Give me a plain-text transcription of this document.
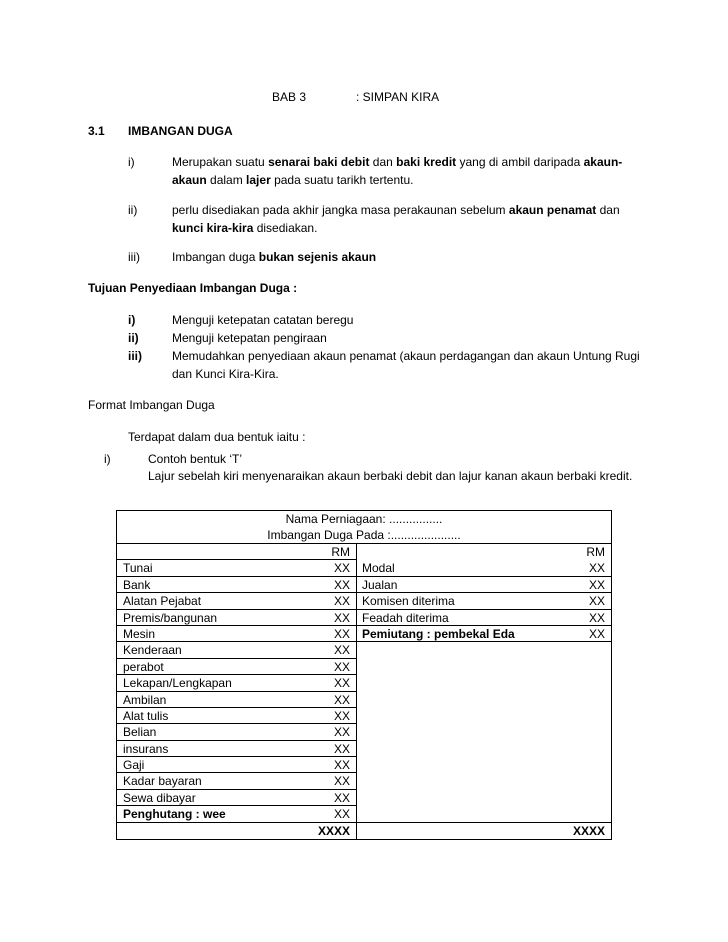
BAB 3	: SIMPAN KIRA
3.1 IMBANGAN DUGA
i)	Merupakan suatu senarai baki debit dan baki kredit yang di ambil daripada akaun-
akaun dalam lajer pada suatu tarikh tertentu.
ii)	perlu disediakan pada akhir jangka masa perakaunan sebelum akaun penamat dan
kunci kira-kira disediakan.
iii)	Imbangan duga bukan sejenis akaun
Tujuan Penyediaan Imbangan Duga :
i)	Menguji ketepatan catatan beregu
ii)	Menguji ketepatan pengiraan
iii)	Memudahkan penyediaan akaun penamat (akaun perdagangan dan akaun Untung Rugi
dan Kunci Kira-Kira.
Format Imbangan Duga
Terdapat dalam dua bentuk iaitu :
i)	Contoh bentuk ‘T’
Lajur sebelah kiri menyenaraikan akaun berbaki debit dan lajur kanan akaun berbaki kredit.
Nama Perniagaan: ................
Imbangan Duga Pada :.....................
RM	RM
Tunai	XX	Modal	XX
Bank	XX	Jualan	XX
Alatan Pejabat	XX	Komisen diterima	XX
Premis/bangunan	XX	Feadah diterima	XX
Mesin	XX	Pemiutang : pembekal Eda	XX
Kenderaan	XX
perabot	XX
Lekapan/Lengkapan	XX
Ambilan	XX
Alat tulis	XX
Belian	XX
insurans	XX
Gaji	XX
Kadar bayaran	XX
Sewa dibayar	XX
Penghutang : wee	XX
XXXX	XXXX
